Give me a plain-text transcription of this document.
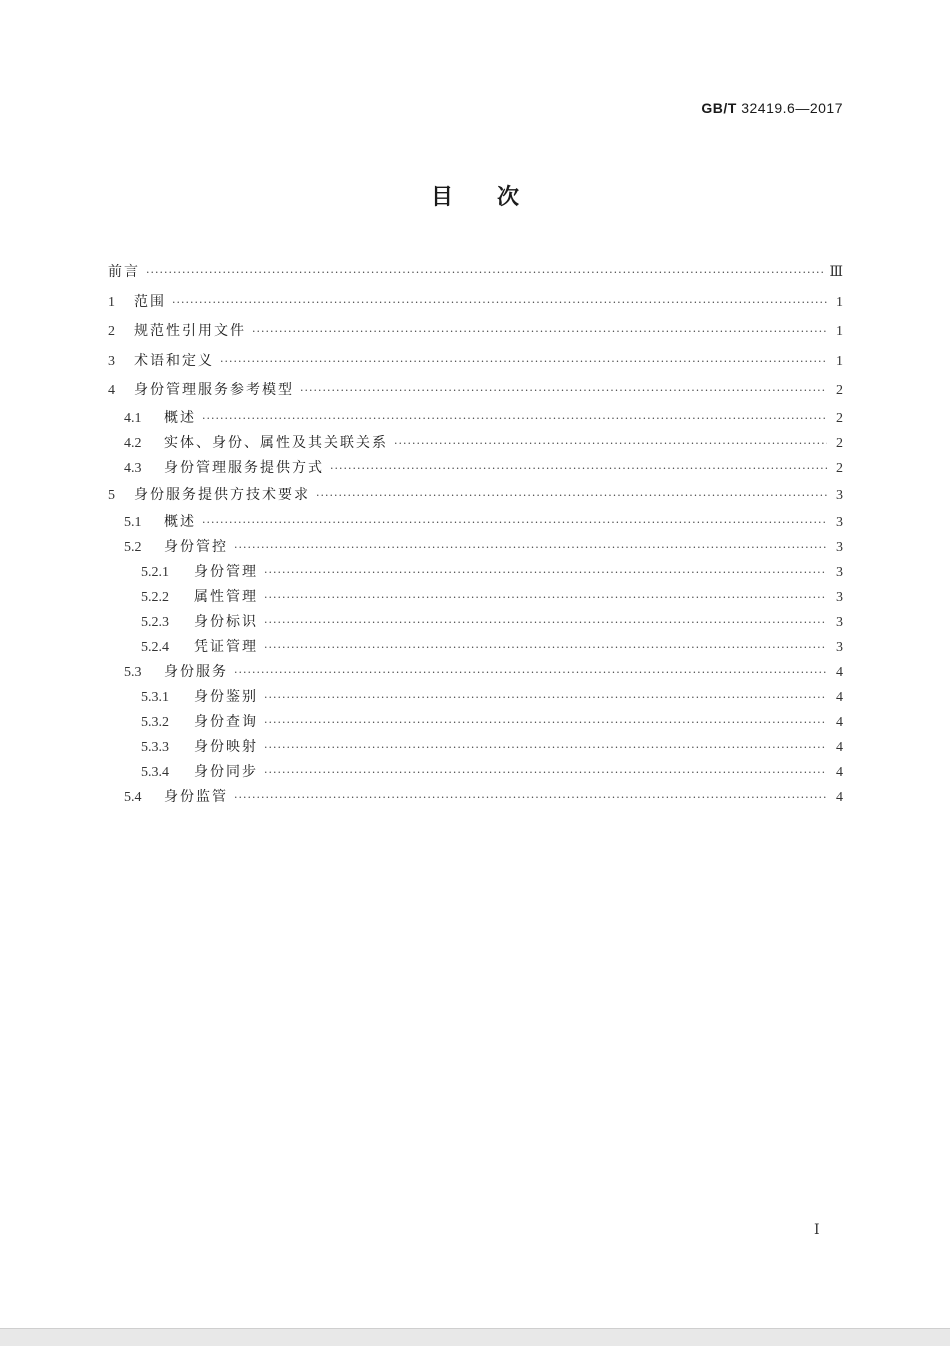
GB/T 32419.6—2017
目次
前言 ·····	Ⅲ
1	范围 ·····	1
2	规范性引用文件 ·····	1
3	术语和定义 ·····	1
4	身份管理服务参考模型 ·····	2
4.1	概述 ·····	2
4.2	实体、身份、属性及其关联关系 ·····	2
4.3	身份管理服务提供方式 ·····	2
5	身份服务提供方技术要求 ·····	3
5.1	概述 ·····	3
5.2	身份管控 ·····	3
5.2.1	身份管理 ·····	3
5.2.2	属性管理 ·····	3
5.2.3	身份标识 ·····	3
5.2.4	凭证管理 ·····	3
5.3	身份服务 ·····	4
5.3.1	身份鉴别 ·····	4
5.3.2	身份查询 ·····	4
5.3.3	身份映射 ·····	4
5.3.4	身份同步 ·····	4
5.4	身份监管 ·····	4
Ⅰ
